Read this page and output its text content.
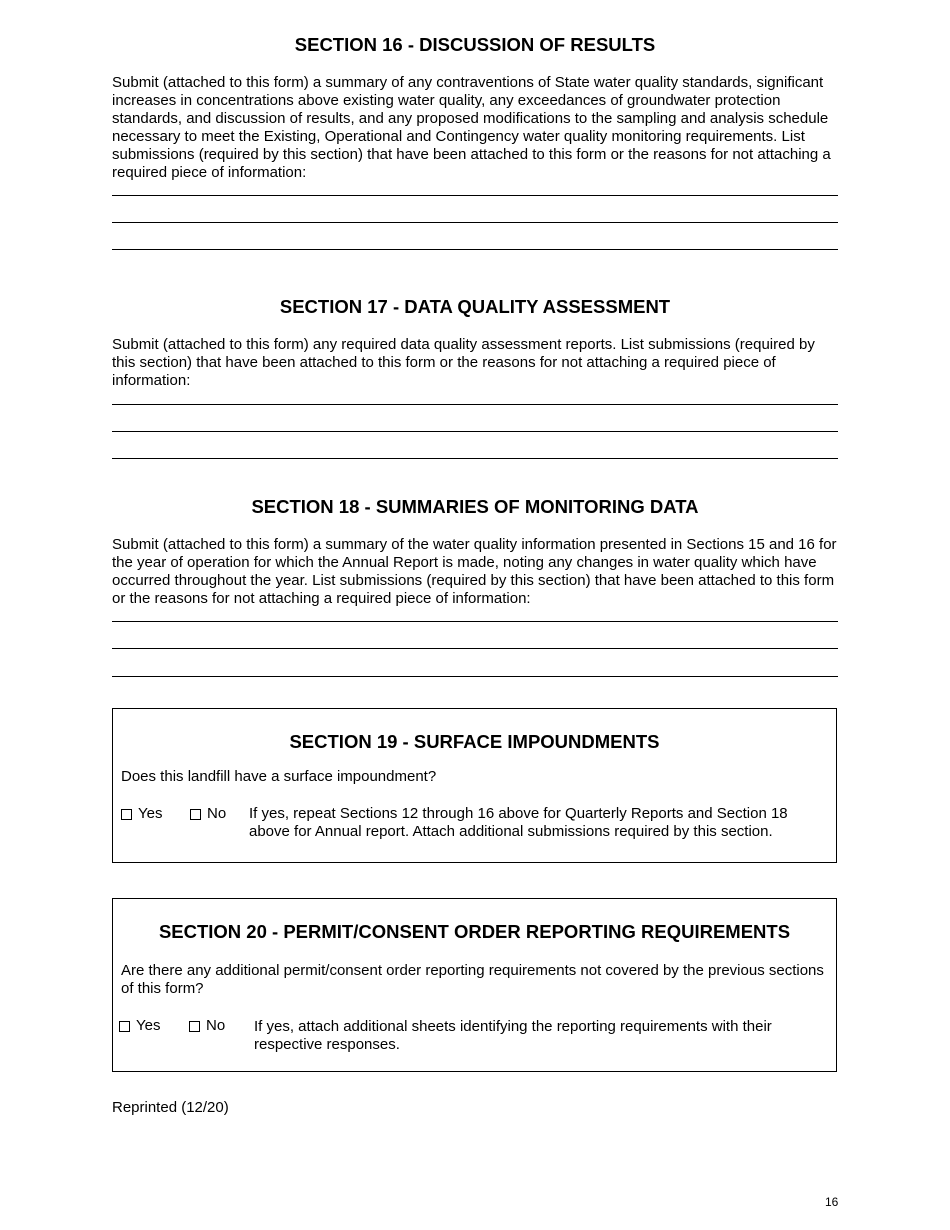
SECTION 16 - DISCUSSION OF RESULTS

Submit (attached to this form) a summary of any contraventions of State water quality standards, significant increases in concentrations above existing water quality, any exceedances of groundwater protection standards, and discussion of results, and any proposed modifications to the sampling and analysis schedule necessary to meet the Existing, Operational and Contingency water quality monitoring requirements. List submissions (required by this section) that have been attached to this form or the reasons for not attaching a required piece of information:

SECTION 17 - DATA QUALITY ASSESSMENT

Submit (attached to this form) any required data quality assessment reports. List submissions (required by this section) that have been attached to this form or the reasons for not attaching a required piece of information:

SECTION 18 - SUMMARIES OF MONITORING DATA

Submit (attached to this form) a summary of the water quality information presented in Sections 15 and 16 for the year of operation for which the Annual Report is made, noting any changes in water quality which have occurred throughout the year. List submissions (required by this section) that have been attached to this form or the reasons for not attaching a required piece of information:

SECTION 19 - SURFACE IMPOUNDMENTS

Does this landfill have a surface impoundment?

Yes	No If yes, repeat Sections 12 through 16 above for Quarterly Reports and Section 18 above for Annual report. Attach additional submissions required by this section.

SECTION 20 - PERMIT/CONSENT ORDER REPORTING REQUIREMENTS

Are there any additional permit/consent order reporting requirements not covered by the previous sections of this form?

Yes	No If yes, attach additional sheets identifying the reporting requirements with their respective responses.

Reprinted (12/20)
16
